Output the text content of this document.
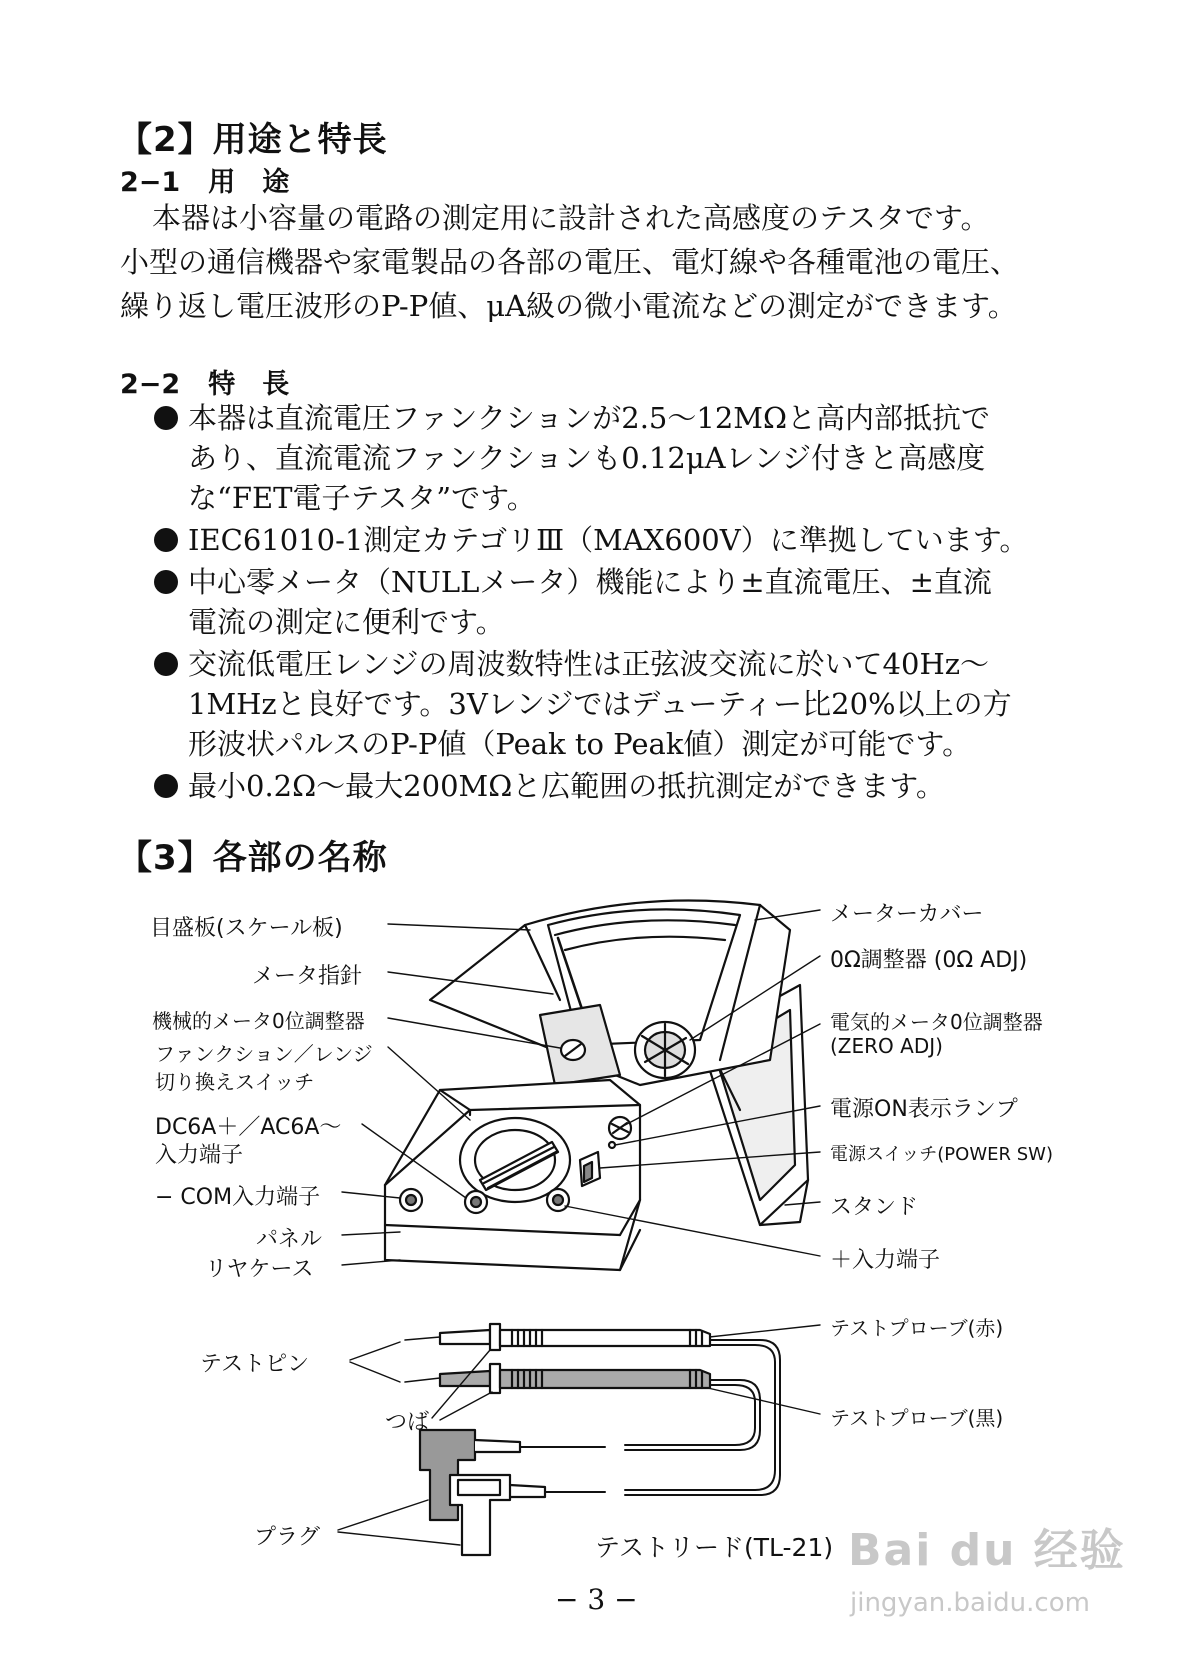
【2】用途と特長
2−1 用　途
本器は小容量の電路の測定用に設計された高感度のテスタです。
小型の通信機器や家電製品の各部の電圧、電灯線や各種電池の電圧、
繰り返し電圧波形のP-P値、μA級の微小電流などの測定ができます。
2−2 特　長
本器は直流電圧ファンクションが2.5〜12MΩと高内部抵抗で
あり、直流電流ファンクションも0.12μAレンジ付きと高感度
な“FET電子テスタ”です。
IEC61010-1測定カテゴリⅢ（MAX600V）に準拠しています。
中心零メータ（NULLメータ）機能により±直流電圧、±直流
電流の測定に便利です。
交流低電圧レンジの周波数特性は正弦波交流に於いて40Hz〜
1MHzと良好です。3Vレンジではデューティー比20%以上の方
形波状パルスのP-P値（Peak to Peak値）測定が可能です。
最小0.2Ω〜最大200MΩと広範囲の抵抗測定ができます。
【3】各部の名称
目盛板(スケール板)
メータ指針
機械的メータ0位調整器
ファンクション／レンジ
切り換えスイッチ
DC6A＋／AC6A〜
入力端子
− COM入力端子
パネル
リヤケース
テストピン
つば
プラグ
メーターカバー
0Ω調整器 (0Ω ADJ)
電気的メータ0位調整器
(ZERO ADJ)
電源ON表示ランプ
電源スイッチ(POWER SW)
スタンド
＋入力端子
テストプローブ(赤)
テストプローブ(黒)
テストリード(TL-21)
− 3 −
Bai du 经验
jingyan.baidu.com
